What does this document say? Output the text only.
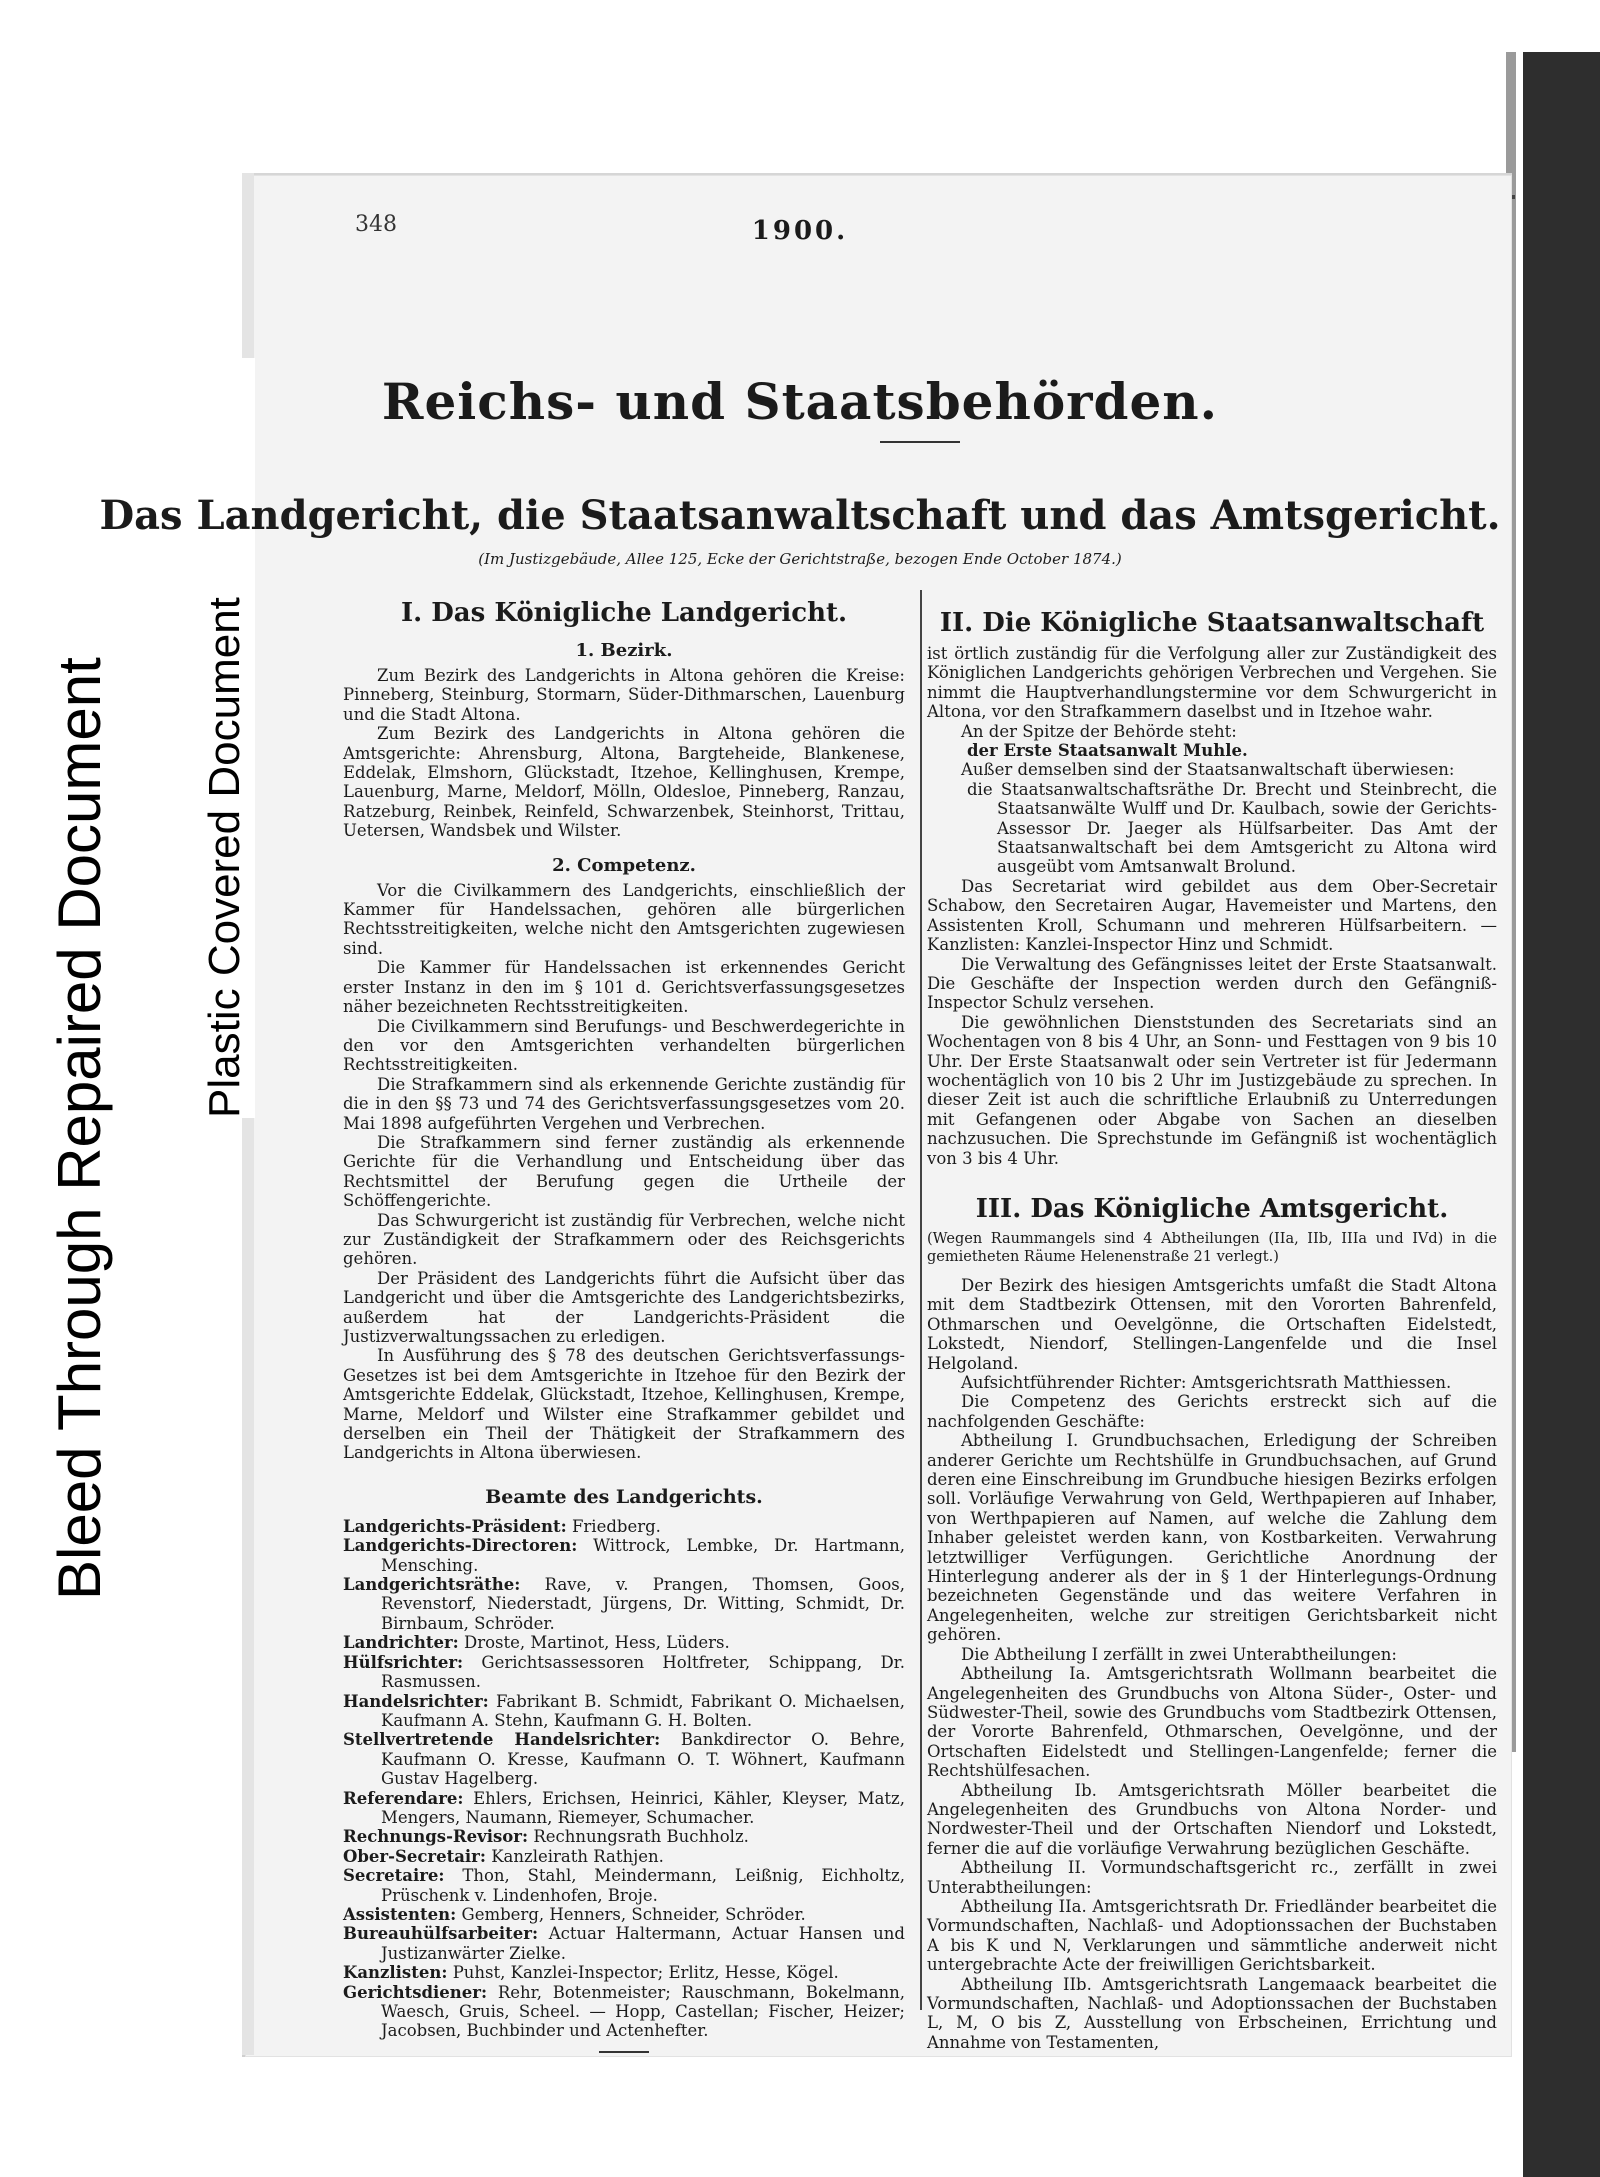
Bleed Through Repaired Document Plastic Covered Document
348	1900.
Reichs- und Staatsbehörden.
Das Landgericht, die Staatsanwaltschaft und das Amtsgericht.
(Im Justizgebäude, Allee 125, Ecke der Gerichtstraße, bezogen Ende October 1874.)
I. Das Königliche Landgericht.
1. Bezirk.

Zum Bezirk des Landgerichts in Altona gehören die Kreise: Pinneberg, Steinburg, Stormarn, Süder-Dithmarschen, Lauenburg und die Stadt Altona.

Zum Bezirk des Landgerichts in Altona gehören die Amtsgerichte: Ahrensburg, Altona, Bargteheide, Blankenese, Eddelak, Elmshorn, Glückstadt, Itzehoe, Kellinghusen, Krempe, Lauenburg, Marne, Meldorf, Mölln, Oldesloe, Pinneberg, Ranzau, Ratzeburg, Reinbek, Reinfeld, Schwarzenbek, Steinhorst, Trittau, Uetersen, Wandsbek und Wilster.

2. Competenz.

Vor die Civilkammern des Landgerichts, einschließlich der Kammer für Handelssachen, gehören alle bürgerlichen Rechtsstreitigkeiten, welche nicht den Amtsgerichten zugewiesen sind.

Die Kammer für Handelssachen ist erkennendes Gericht erster Instanz in den im § 101 d. Gerichtsverfassungsgesetzes näher bezeichneten Rechtsstreitigkeiten.

Die Civilkammern sind Berufungs- und Beschwerdegerichte in den vor den Amtsgerichten verhandelten bürgerlichen Rechtsstreitigkeiten.

Die Strafkammern sind als erkennende Gerichte zuständig für die in den §§ 73 und 74 des Gerichtsverfassungsgesetzes vom 20. Mai 1898 aufgeführten Vergehen und Verbrechen.

Die Strafkammern sind ferner zuständig als erkennende Gerichte für die Verhandlung und Entscheidung über das Rechtsmittel der Berufung gegen die Urtheile der Schöffengerichte.

Das Schwurgericht ist zuständig für Verbrechen, welche nicht zur Zuständigkeit der Strafkammern oder des Reichsgerichts gehören.

Der Präsident des Landgerichts führt die Aufsicht über das Landgericht und über die Amtsgerichte des Landgerichtsbezirks, außerdem hat der Landgerichts-Präsident die Justizverwaltungssachen zu erledigen.

In Ausführung des § 78 des deutschen Gerichtsverfassungs-Gesetzes ist bei dem Amtsgerichte in Itzehoe für den Bezirk der Amtsgerichte Eddelak, Glückstadt, Itzehoe, Kellinghusen, Krempe, Marne, Meldorf und Wilster eine Strafkammer gebildet und derselben ein Theil der Thätigkeit der Strafkammern des Landgerichts in Altona überwiesen.

Beamte des Landgerichts.
Landgerichts-Präsident: Friedberg.
Landgerichts-Directoren: Wittrock, Lembke, Dr. Hartmann, Mensching.
Landgerichtsräthe: Rave, v. Prangen, Thomsen, Goos, Revenstorf, Niederstadt, Jürgens, Dr. Witting, Schmidt, Dr. Birnbaum, Schröder.
Landrichter: Droste, Martinot, Hess, Lüders.
Hülfsrichter: Gerichtsassessoren Holtfreter, Schippang, Dr. Rasmussen.
Handelsrichter: Fabrikant B. Schmidt, Fabrikant O. Michaelsen, Kaufmann A. Stehn, Kaufmann G. H. Bolten.
Stellvertretende Handelsrichter: Bankdirector O. Behre, Kaufmann O. Kresse, Kaufmann O. T. Wöhnert, Kaufmann Gustav Hagelberg.
Referendare: Ehlers, Erichsen, Heinrici, Kähler, Kleyser, Matz, Mengers, Naumann, Riemeyer, Schumacher.
Rechnungs-Revisor: Rechnungsrath Buchholz.
Ober-Secretair: Kanzleirath Rathjen.
Secretaire: Thon, Stahl, Meindermann, Leißnig, Eichholtz, Prüschenk v. Lindenhofen, Broje.
Assistenten: Gemberg, Henners, Schneider, Schröder.
Bureauhülfsarbeiter: Actuar Haltermann, Actuar Hansen und Justizanwärter Zielke.
Kanzlisten: Puhst, Kanzlei-Inspector; Erlitz, Hesse, Kögel.
Gerichtsdiener: Rehr, Botenmeister; Rauschmann, Bokelmann, Waesch, Gruis, Scheel. — Hopp, Castellan; Fischer, Heizer; Jacobsen, Buchbinder und Actenhefter.
II. Die Königliche Staatsanwaltschaft

ist örtlich zuständig für die Verfolgung aller zur Zuständigkeit des Königlichen Landgerichts gehörigen Verbrechen und Vergehen. Sie nimmt die Hauptverhandlungstermine vor dem Schwurgericht in Altona, vor den Strafkammern daselbst und in Itzehoe wahr.

An der Spitze der Behörde steht:

der Erste Staatsanwalt Muhle.

Außer demselben sind der Staatsanwaltschaft überwiesen:

die Staatsanwaltschaftsräthe Dr. Brecht und Steinbrecht, die Staatsanwälte Wulff und Dr. Kaulbach, sowie der Gerichts-Assessor Dr. Jaeger als Hülfsarbeiter. Das Amt der Staatsanwaltschaft bei dem Amtsgericht zu Altona wird ausgeübt vom Amtsanwalt Brolund.

Das Secretariat wird gebildet aus dem Ober-Secretair Schabow, den Secretairen Augar, Havemeister und Martens, den Assistenten Kroll, Schumann und mehreren Hülfsarbeitern. — Kanzlisten: Kanzlei-Inspector Hinz und Schmidt.

Die Verwaltung des Gefängnisses leitet der Erste Staatsanwalt. Die Geschäfte der Inspection werden durch den Gefängniß-Inspector Schulz versehen.

Die gewöhnlichen Dienststunden des Secretariats sind an Wochentagen von 8 bis 4 Uhr, an Sonn- und Festtagen von 9 bis 10 Uhr. Der Erste Staatsanwalt oder sein Vertreter ist für Jedermann wochentäglich von 10 bis 2 Uhr im Justizgebäude zu sprechen. In dieser Zeit ist auch die schriftliche Erlaubniß zu Unterredungen mit Gefangenen oder Abgabe von Sachen an dieselben nachzusuchen. Die Sprechstunde im Gefängniß ist wochentäglich von 3 bis 4 Uhr.

III. Das Königliche Amtsgericht.

(Wegen Raummangels sind 4 Abtheilungen (IIa, IIb, IIIa und IVd) in die gemietheten Räume Helenenstraße 21 verlegt.)

Der Bezirk des hiesigen Amtsgerichts umfaßt die Stadt Altona mit dem Stadtbezirk Ottensen, mit den Vororten Bahrenfeld, Othmarschen und Oevelgönne, die Ortschaften Eidelstedt, Lokstedt, Niendorf, Stellingen-Langenfelde und die Insel Helgoland.

Aufsichtführender Richter: Amtsgerichtsrath Matthiessen.

Die Competenz des Gerichts erstreckt sich auf die nachfolgenden Geschäfte:

Abtheilung I. Grundbuchsachen, Erledigung der Schreiben anderer Gerichte um Rechtshülfe in Grundbuchsachen, auf Grund deren eine Einschreibung im Grundbuche hiesigen Bezirks erfolgen soll. Vorläufige Verwahrung von Geld, Werthpapieren auf Inhaber, von Werthpapieren auf Namen, auf welche die Zahlung dem Inhaber geleistet werden kann, von Kostbarkeiten. Verwahrung letztwilliger Verfügungen. Gerichtliche Anordnung der Hinterlegung anderer als der in § 1 der Hinterlegungs-Ordnung bezeichneten Gegenstände und das weitere Verfahren in Angelegenheiten, welche zur streitigen Gerichtsbarkeit nicht gehören.

Die Abtheilung I zerfällt in zwei Unterabtheilungen:

Abtheilung Ia. Amtsgerichtsrath Wollmann bearbeitet die Angelegenheiten des Grundbuchs von Altona Süder-, Oster- und Südwester-Theil, sowie des Grundbuchs vom Stadtbezirk Ottensen, der Vororte Bahrenfeld, Othmarschen, Oevelgönne, und der Ortschaften Eidelstedt und Stellingen-Langenfelde; ferner die Rechtshülfesachen.

Abtheilung Ib. Amtsgerichtsrath Möller bearbeitet die Angelegenheiten des Grundbuchs von Altona Norder- und Nordwester-Theil und der Ortschaften Niendorf und Lokstedt, ferner die auf die vorläufige Verwahrung bezüglichen Geschäfte.

Abtheilung II. Vormundschaftsgericht rc., zerfällt in zwei Unterabtheilungen:

Abtheilung IIa. Amtsgerichtsrath Dr. Friedländer bearbeitet die Vormundschaften, Nachlaß- und Adoptionssachen der Buchstaben A bis K und N, Verklarungen und sämmtliche anderweit nicht untergebrachte Acte der freiwilligen Gerichtsbarkeit.

Abtheilung IIb. Amtsgerichtsrath Langemaack bearbeitet die Vormundschaften, Nachlaß- und Adoptionssachen der Buchstaben L, M, O bis Z, Ausstellung von Erbscheinen, Errichtung und Annahme von Testamenten,
